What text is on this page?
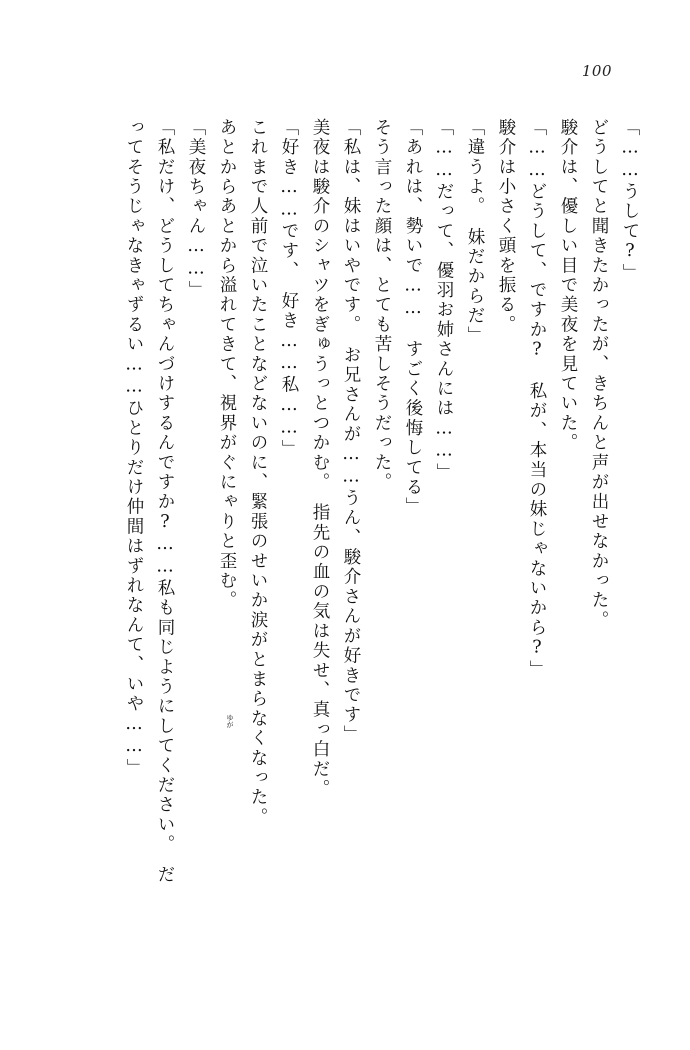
100
「……うして?」
どうしてと聞きたかったが、きちんと声が出せなかった。
駿介は、優しい目で美夜を見ていた。
「……どうして、ですか?　私が、本当の妹じゃないから?」
駿介は小さく頭を振る。
「違うよ。　妹だからだ」
「……だって、優羽お姉さんには……」
「あれは、勢いで……　すごく後悔してる」
そう言った顔は、とても苦しそうだった。
「私は、妹はいやです。　お兄さんが……うん、駿介さんが好きです」
美夜は駿介のシャツをぎゅうっとつかむ。　指先の血の気は失せ、真っ白だ。
「好き……です、　好き……私……」
これまで人前で泣いたことなどないのに、緊張のせいか涙がとまらなくなった。
あとからあとから溢れてきて、視界がぐにゃりと歪む。
ゆが
「美夜ちゃん……」
「私だけ、どうしてちゃんづけするんですか?……私も同じようにしてください。　だ
ってそうじゃなきゃずるい……ひとりだけ仲間はずれなんて、いや……」
